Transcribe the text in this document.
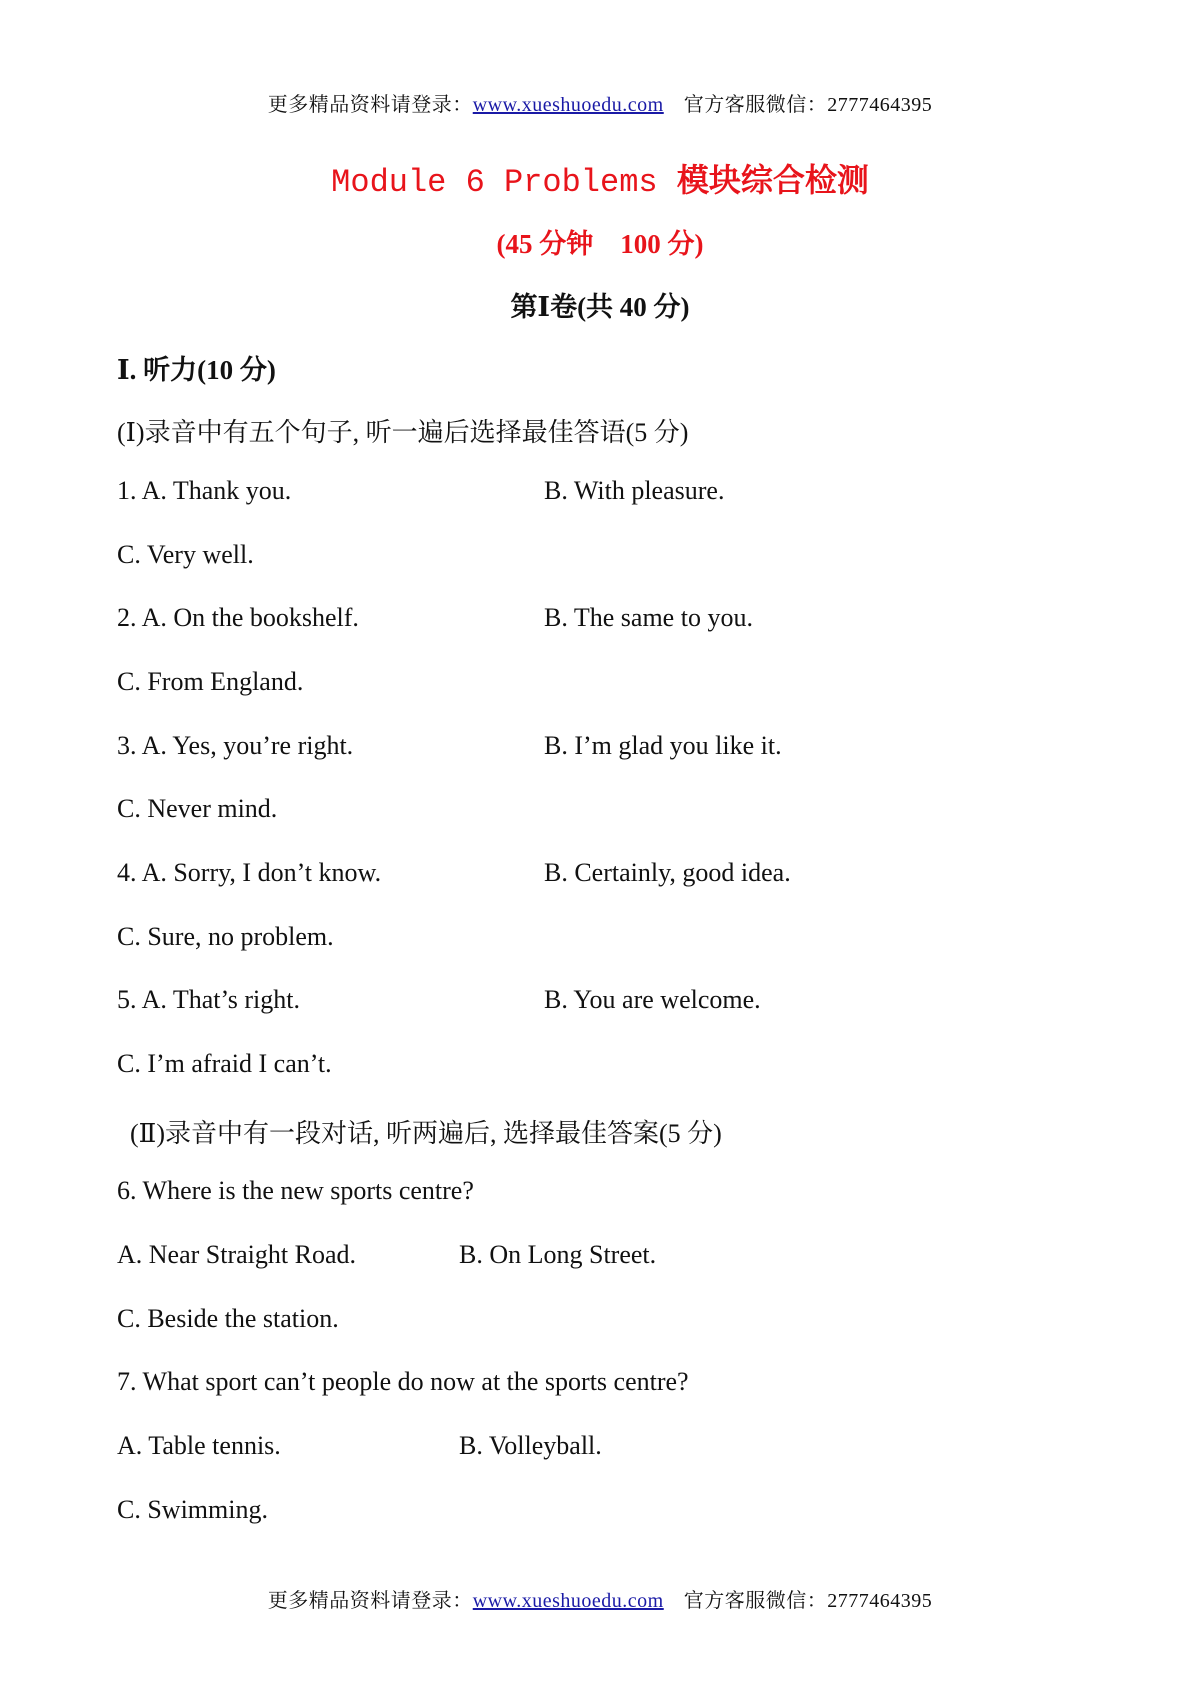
更多精品资料请登录：www.xueshuoedu.com 官方客服微信：2777464395
Module 6 Problems 模块综合检测
(45 分钟　100 分)
第Ⅰ卷(共 40 分)
Ⅰ. 听力(10 分)
(Ⅰ)录音中有五个句子, 听一遍后选择最佳答语(5 分)
1. A. Thank you.	B. With pleasure.
C. Very well.
2. A. On the bookshelf.	B. The same to you.
C. From England.
3. A. Yes, you’re right.	B. I’m glad you like it.
C. Never mind.
4. A. Sorry, I don’t know.	B. Certainly, good idea.
C. Sure, no problem.
5. A. That’s right.	B. You are welcome.
C. I’m afraid I can’t.
(Ⅱ)录音中有一段对话, 听两遍后, 选择最佳答案(5 分)
6. Where is the new sports centre?
A. Near Straight Road.	B. On Long Street.
C. Beside the station.
7. What sport can’t people do now at the sports centre?
A. Table tennis.	B. Volleyball.
C. Swimming.
更多精品资料请登录：www.xueshuoedu.com 官方客服微信：2777464395
